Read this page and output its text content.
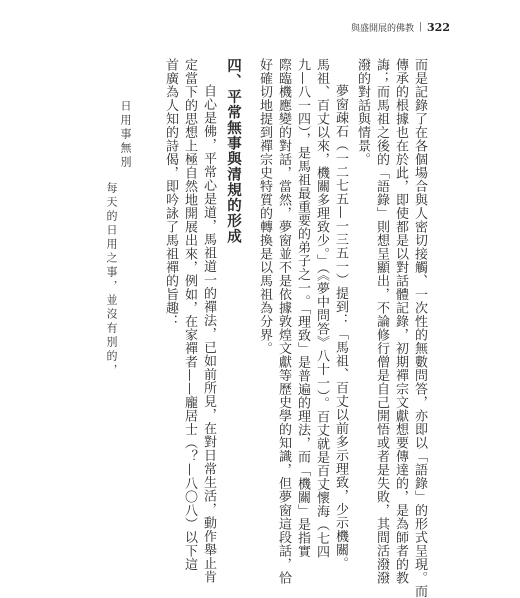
與盛開展的佛教 | 322
而是記錄了在各個場合與人密切接觸、一次性的無數問答，亦即以「語錄」的形式呈現。而
傳承的根據也在於此，即使都是以對話體記錄，初期禪宗文獻想要傳達的，是為師者的教
誨；而馬祖之後的「語錄」則想呈顯出，不論修行僧是自己開悟或者是失敗，其間活潑潑
潑的對話與情景。
夢窗疎石（一二七五—一三五一）提到：「馬祖、百丈以前多示理致，少示機關。
馬祖、百丈以來，機關多理致少。」（《夢中問答》八十一）。百丈就是百丈懷海（七四
九—八一四），是馬祖最重要的弟子之一。「理致」是普遍的理法，而「機關」是指實
際臨機應變的對話，當然，夢窗並不是依據敦煌文獻等歷史學的知識，但夢窗這段話，恰
好確切地提到禪宗史特質的轉換是以馬祖為分界。
四、平常無事與清規的形成
自心是佛，平常心是道，馬祖道一的禪法，已如前所見，在對日常生活，動作舉止肯
定當下的思想上極自然地開展出來，例如，在家禪者——龐居士（？—八〇八）以下這
首廣為人知的詩偈，即吟詠了馬祖禪的旨趣：
日用事無別
每天的日用之事，並沒有別的，
